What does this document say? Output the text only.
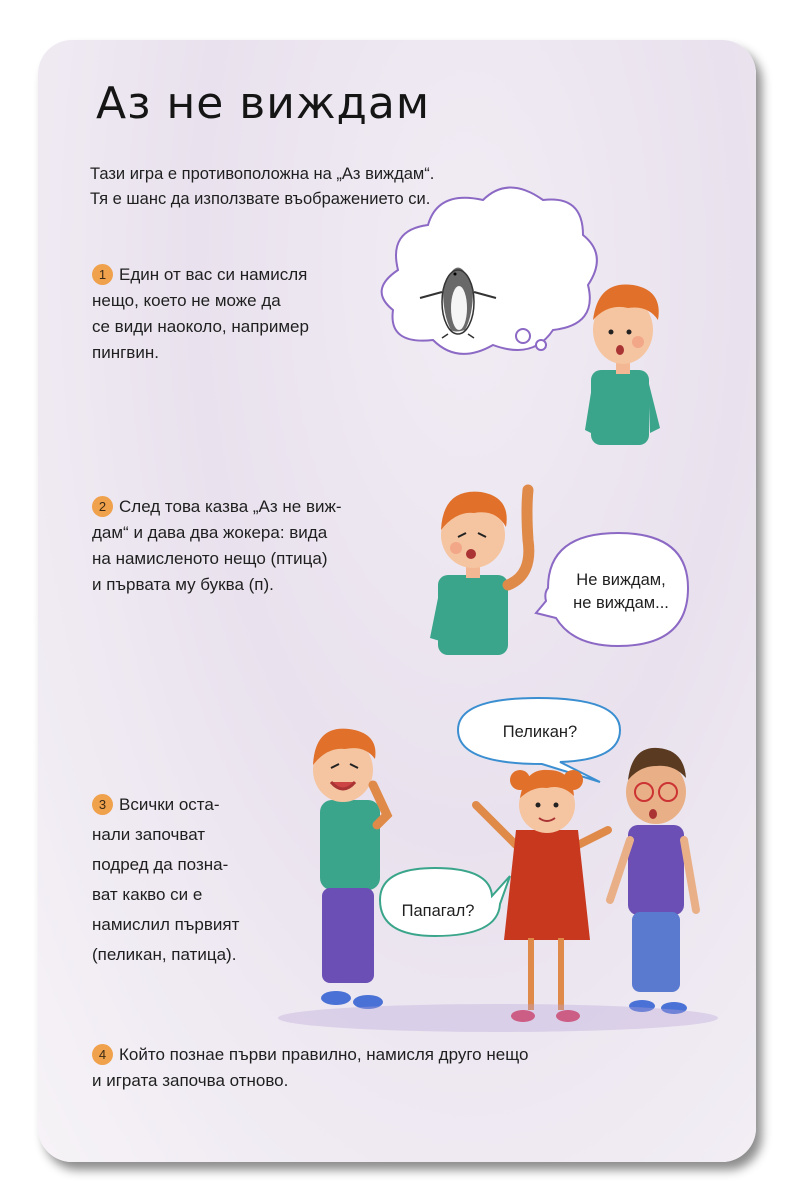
Аз не виждам

Тази игра е противоположна на „Аз виждам“.

Тя е шанс да използвате въображението си.

1 Един от вас си намисля

нещо, което не може да

се види наоколо, например

пингвин.

2 След това казва „Аз не виж-

дам“ и дава два жокера: вида

на намисленото нещо (птица)

и първата му буква (п).

3 Всички оста-

нали започват

подред да позна-

ват какво си е

намислил първият

(пеликан, патица).

4 Който познае първи правилно, намисля друго нещо

и играта започва отново.

Не виждам,
не виждам...
Пеликан?
Папагал?
